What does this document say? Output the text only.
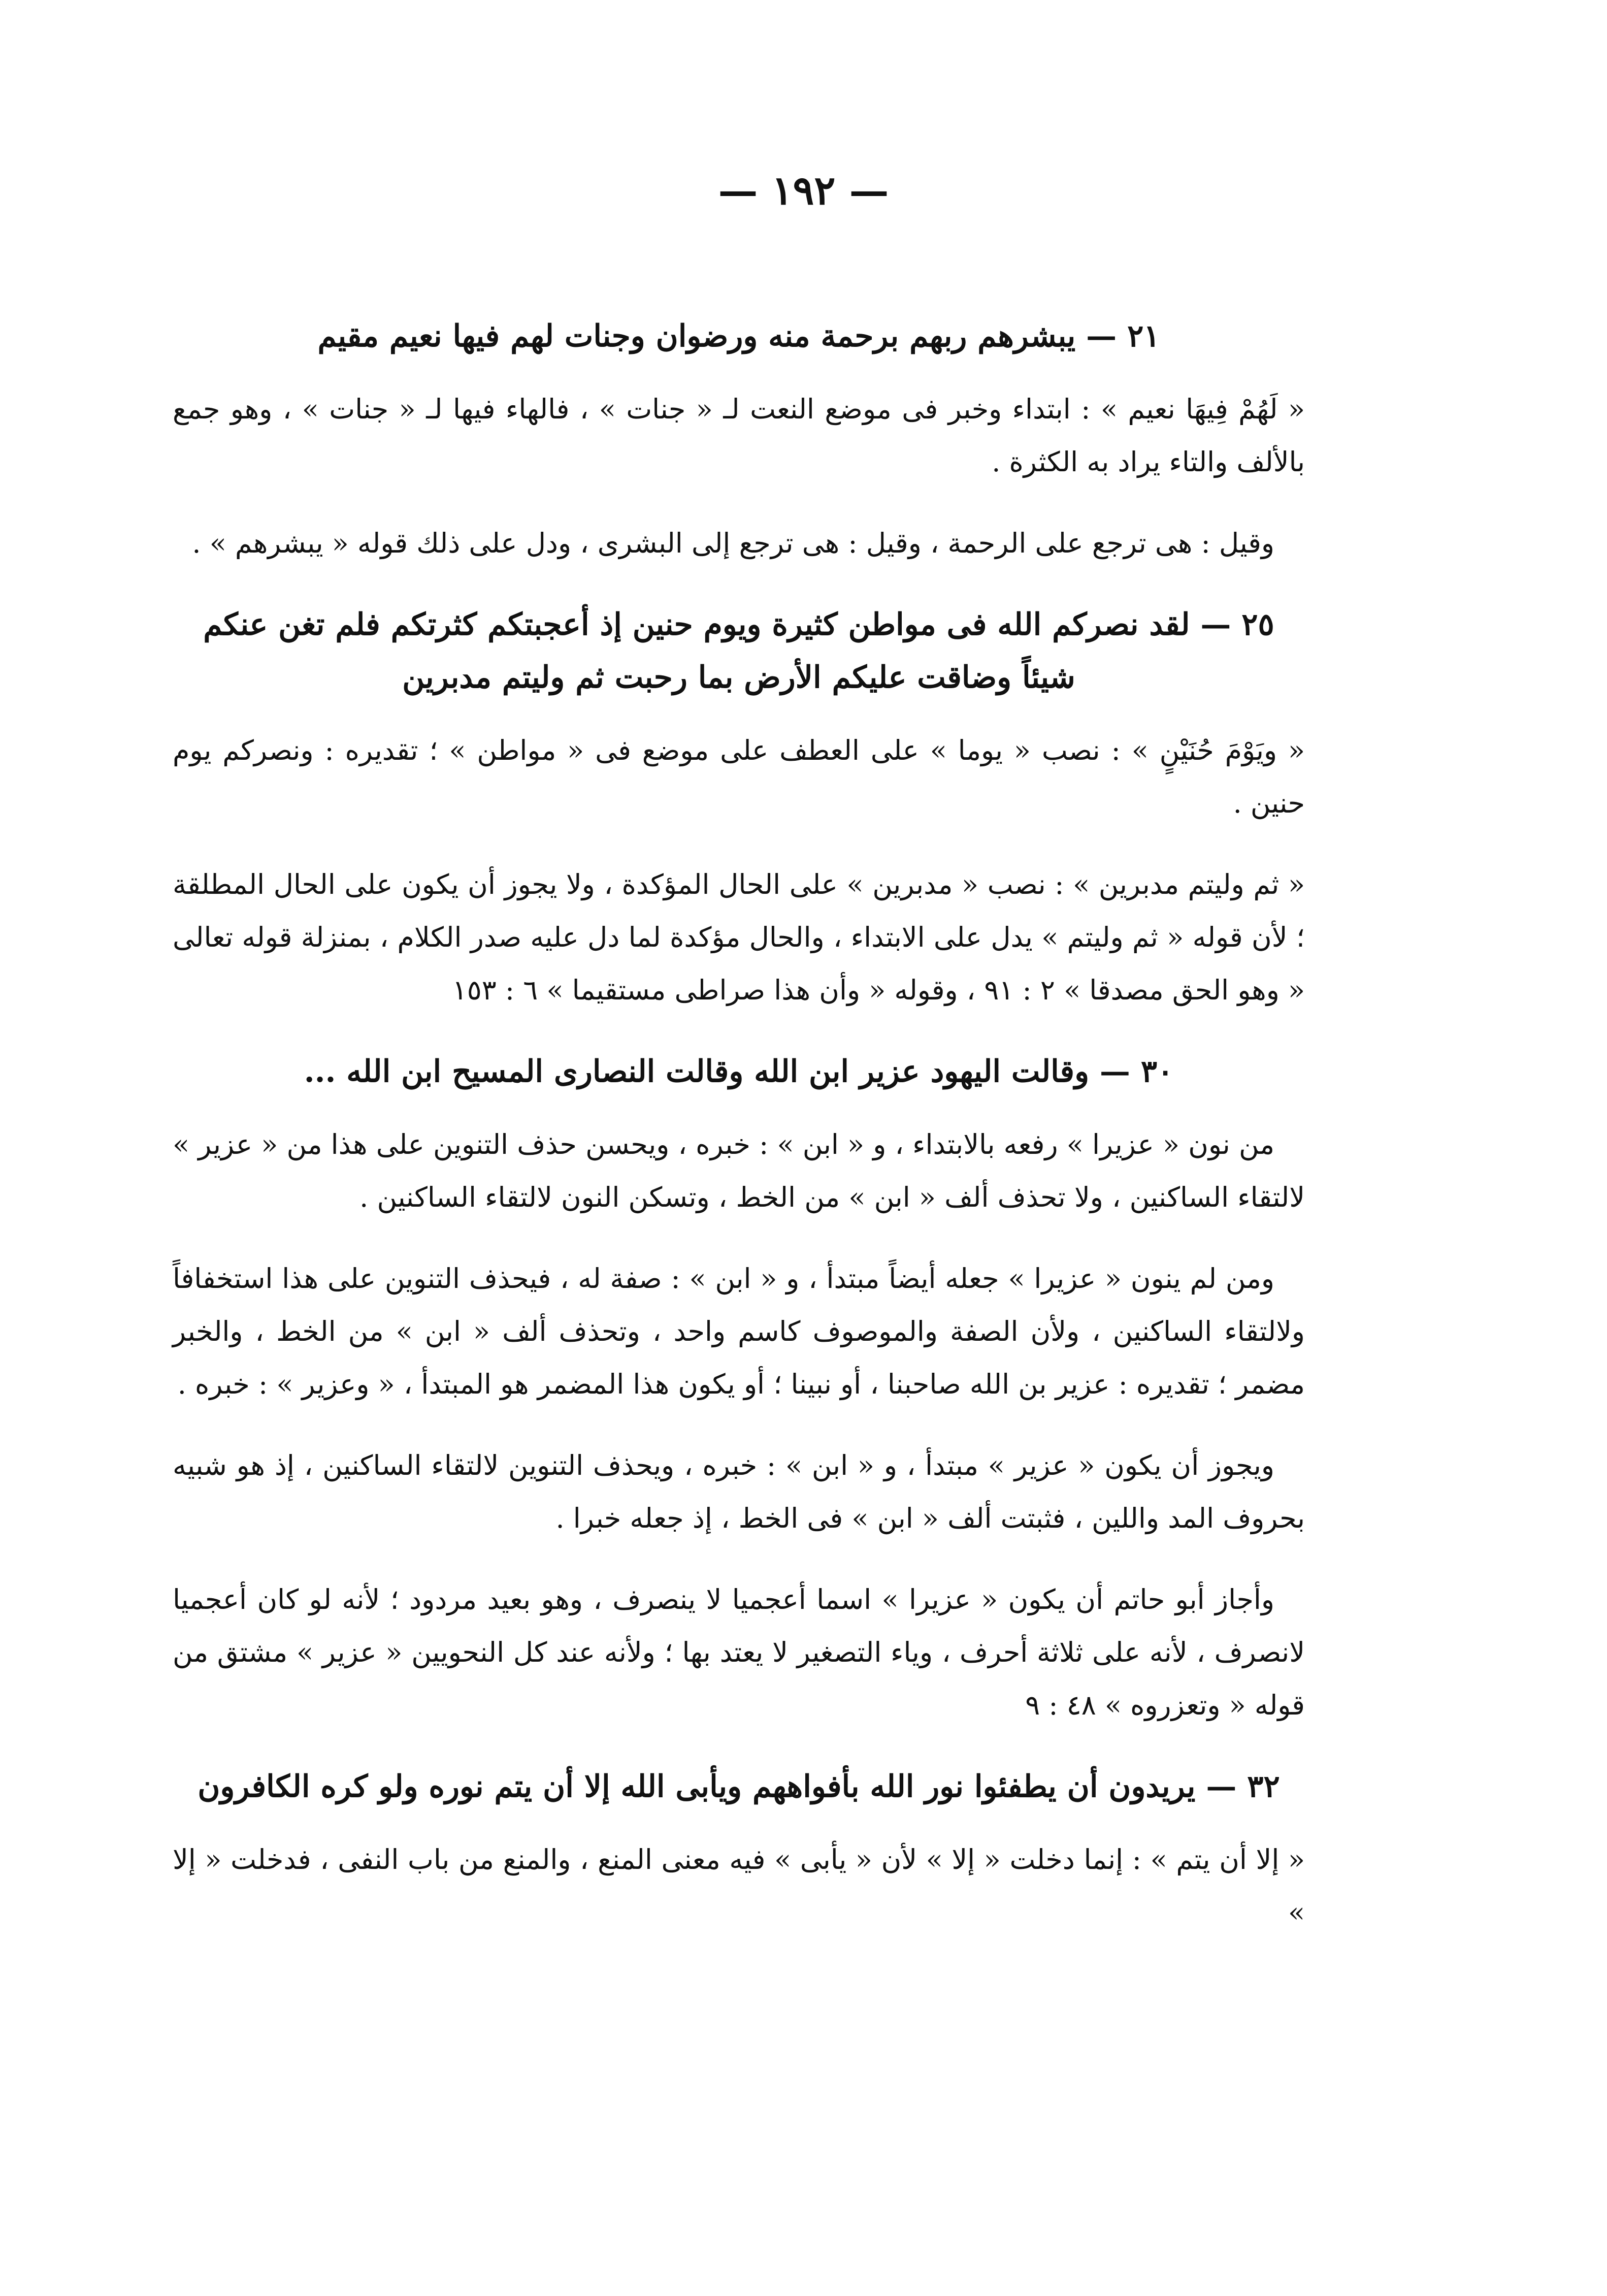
— ١٩٢ —

٢١ — يبشرهم ربهم برحمة منه ورضوان وجنات لهم فيها نعيم مقيم

« لَهُمْ فِيهَا نعيم » : ابتداء وخبر فى موضع النعت لـ « جنات » ، فالهاء فيها لـ « جنات » ، وهو جمع بالألف والتاء يراد به الكثرة .

وقيل : هى ترجع على الرحمة ، وقيل : هى ترجع إلى البشرى ، ودل على ذلك قوله « يبشرهم » .

٢٥ — لقد نصركم الله فى مواطن كثيرة ويوم حنين إذ أعجبتكم كثرتكم فلم تغن عنكم شيئاً وضاقت عليكم الأرض بما رحبت ثم وليتم مدبرين

« ويَوْمَ حُنَيْنٍ » : نصب « يوما » على العطف على موضع فى « مواطن » ؛ تقديره : ونصركم يوم حنين .

« ثم وليتم مدبرين » : نصب « مدبرين » على الحال المؤكدة ، ولا يجوز أن يكون على الحال المطلقة ؛ لأن قوله « ثم وليتم » يدل على الابتداء ، والحال مؤكدة لما دل عليه صدر الكلام ، بمنزلة قوله تعالى « وهو الحق مصدقا » ٢ : ٩١ ، وقوله « وأن هذا صراطى مستقيما » ٦ : ١٥٣

٣٠ — وقالت اليهود عزير ابن الله وقالت النصارى المسيح ابن الله ...

من نون « عزيرا » رفعه بالابتداء ، و « ابن » : خبره ، ويحسن حذف التنوين على هذا من « عزير » لالتقاء الساكنين ، ولا تحذف ألف « ابن » من الخط ، وتسكن النون لالتقاء الساكنين .

ومن لم ينون « عزيرا » جعله أيضاً مبتدأ ، و « ابن » : صفة له ، فيحذف التنوين على هذا استخفافاً ولالتقاء الساكنين ، ولأن الصفة والموصوف كاسم واحد ، وتحذف ألف « ابن » من الخط ، والخبر مضمر ؛ تقديره : عزير بن الله صاحبنا ، أو نبينا ؛ أو يكون هذا المضمر هو المبتدأ ، « وعزير » : خبره .

ويجوز أن يكون « عزير » مبتدأ ، و « ابن » : خبره ، ويحذف التنوين لالتقاء الساكنين ، إذ هو شبيه بحروف المد واللين ، فثبتت ألف « ابن » فى الخط ، إذ جعله خبرا .

وأجاز أبو حاتم أن يكون « عزيرا » اسما أعجميا لا ينصرف ، وهو بعيد مردود ؛ لأنه لو كان أعجميا لانصرف ، لأنه على ثلاثة أحرف ، وياء التصغير لا يعتد بها ؛ ولأنه عند كل النحويين « عزير » مشتق من قوله « وتعزروه » ٤٨ : ٩

٣٢ — يريدون أن يطفئوا نور الله بأفواههم ويأبى الله إلا أن يتم نوره ولو كره الكافرون

« إلا أن يتم » : إنما دخلت « إلا » لأن « يأبى » فيه معنى المنع ، والمنع من باب النفى ، فدخلت « إلا »
